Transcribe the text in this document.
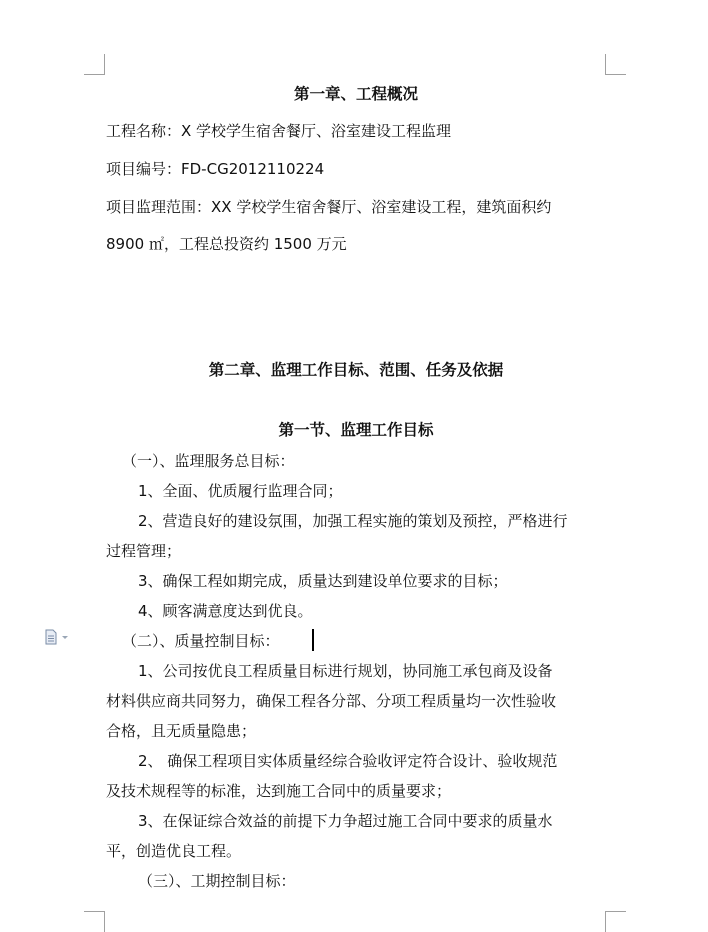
第一章、工程概况
工程名称：X 学校学生宿舍餐厅、浴室建设工程监理
项目编号：FD-CG2012110224
项目监理范围：XX 学校学生宿舍餐厅、浴室建设工程，建筑面积约
8900 ㎡，工程总投资约 1500 万元
第二章、监理工作目标、范围、任务及依据
第一节、监理工作目标
（一）、监理服务总目标：
1、全面、优质履行监理合同；
2、营造良好的建设氛围，加强工程实施的策划及预控，严格进行
过程管理；
3、确保工程如期完成，质量达到建设单位要求的目标；
4、顾客满意度达到优良。
（二）、质量控制目标：
1、公司按优良工程质量目标进行规划，协同施工承包商及设备
材料供应商共同努力，确保工程各分部、分项工程质量均一次性验收
合格，且无质量隐患；
2、 确保工程项目实体质量经综合验收评定符合设计、验收规范
及技术规程等的标准，达到施工合同中的质量要求；
3、在保证综合效益的前提下力争超过施工合同中要求的质量水
平，创造优良工程。
（三）、工期控制目标：
